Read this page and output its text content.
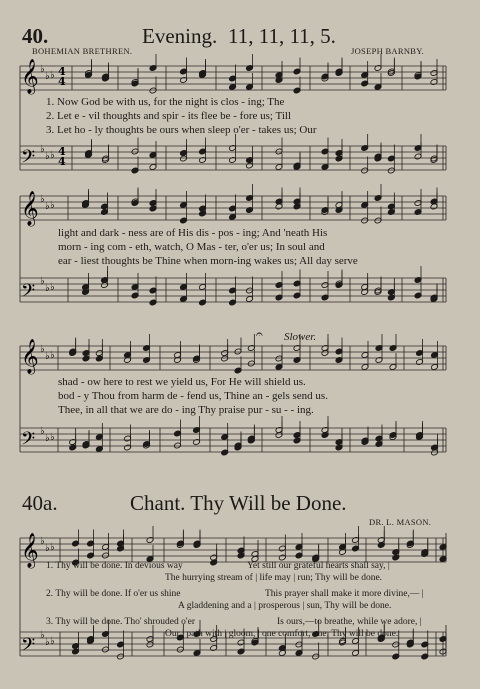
40.	Evening. 11, 11, 11, 5.
BOHEMIAN BRETHREN.	JOSEPH BARNBY.
♭
♭ ♭
♭
♭ ♭
♭
♭ ♭
♭
♭ ♭
♭
♭ ♭
♭
♭ ♭
♭
♭ ♭
♭
♭ ♭
𝄞
𝄢
𝄞
𝄢
𝄞
𝄢
𝄞
𝄢
4
4
4
4
𝄐 Slower.
1. Now God be with us, for the night is clos - ing; The
2. Let e - vil thoughts and spir - its flee be - fore us; Till
3. Let ho - ly thoughts be ours when sleep o'er - takes us; Our
light and dark - ness are of His dis - pos - ing; And 'neath His
morn - ing com - eth, watch, O Mas - ter, o'er us; In soul and
ear - liest thoughts be Thine when morn-ing wakes us; All day serve
shad - ow here to rest we yield us, For He will shield us.
bod - y Thou from harm de - fend us, Thine an - gels send us.
Thee, in all that we are do - ing Thy praise pur - su - - ing.
40a.	Chant. Thy Will be Done.
DR. L. MASON.
1. Thy will be done. In devious way	Yet still our grateful hearts shall say, |
The hurrying stream of | life may | run; Thy will be done.
2. Thy will be done. If o'er us shine	This prayer shall make it more divine,— |
A gladdening and a | prosperous | sun, Thy will be done.
3. Thy will be done. Tho' shrouded o'er	Is ours,—to breathe, while we adore, |
Our | path with | gloom, | one comfort, one, Thy will be done.
